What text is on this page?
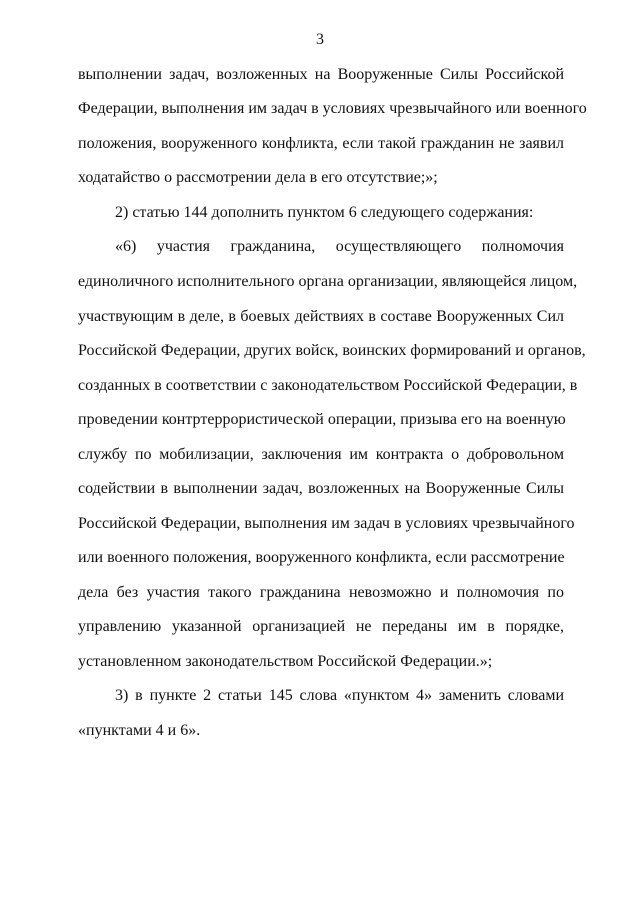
3
выполнении задач, возложенных на Вооруженные Силы Российской
Федерации, выполнения им задач в условиях чрезвычайного или военного
положения, вооруженного конфликта, если такой гражданин не заявил
ходатайство о рассмотрении дела в его отсутствие;»;
2) статью 144 дополнить пунктом 6 следующего содержания:
«6) участия гражданина, осуществляющего полномочия
единоличного исполнительного органа организации, являющейся лицом,
участвующим в деле, в боевых действиях в составе Вооруженных Сил
Российской Федерации, других войск, воинских формирований и органов,
созданных в соответствии с законодательством Российской Федерации, в
проведении контртеррористической операции, призыва его на военную
службу по мобилизации, заключения им контракта о добровольном
содействии в выполнении задач, возложенных на Вооруженные Силы
Российской Федерации, выполнения им задач в условиях чрезвычайного
или военного положения, вооруженного конфликта, если рассмотрение
дела без участия такого гражданина невозможно и полномочия по
управлению указанной организацией не переданы им в порядке,
установленном законодательством Российской Федерации.»;
3) в пункте 2 статьи 145 слова «пунктом 4» заменить словами
«пунктами 4 и 6».
